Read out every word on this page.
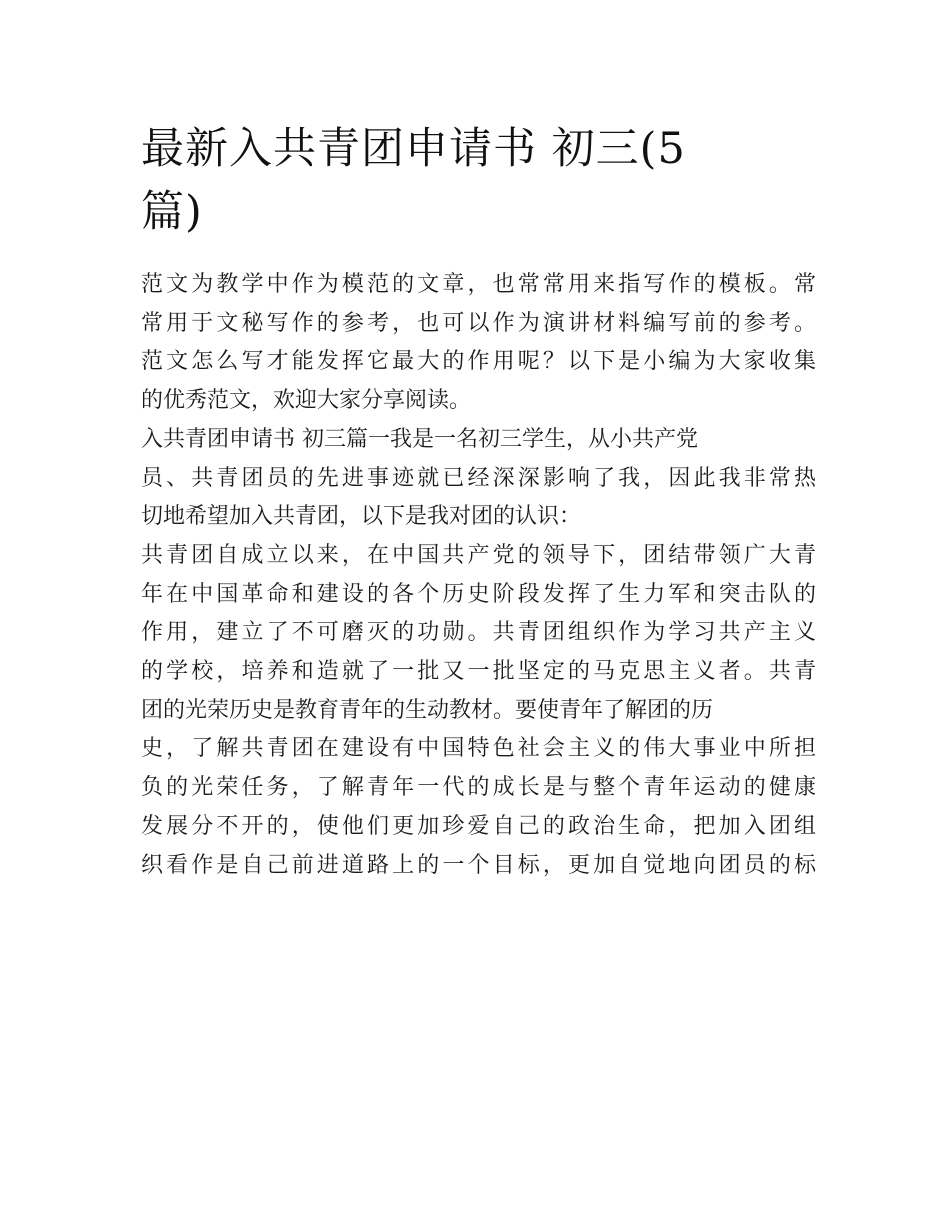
最新入共青团申请书 初三(5
篇)
范文为教学中作为模范的文章，也常常用来指写作的模板。常
常用于文秘写作的参考，也可以作为演讲材料编写前的参考。
范文怎么写才能发挥它最大的作用呢？以下是小编为大家收集
的优秀范文，欢迎大家分享阅读。
入共青团申请书 初三篇一我是一名初三学生，从小共产党
员、共青团员的先进事迹就已经深深影响了我，因此我非常热
切地希望加入共青团，以下是我对团的认识：
共青团自成立以来，在中国共产党的领导下，团结带领广大青
年在中国革命和建设的各个历史阶段发挥了生力军和突击队的
作用，建立了不可磨灭的功勋。共青团组织作为学习共产主义
的学校，培养和造就了一批又一批坚定的马克思主义者。共青
团的光荣历史是教育青年的生动教材。要使青年了解团的历
史，了解共青团在建设有中国特色社会主义的伟大事业中所担
负的光荣任务，了解青年一代的成长是与整个青年运动的健康
发展分不开的，使他们更加珍爱自己的政治生命，把加入团组
织看作是自己前进道路上的一个目标，更加自觉地向团员的标
